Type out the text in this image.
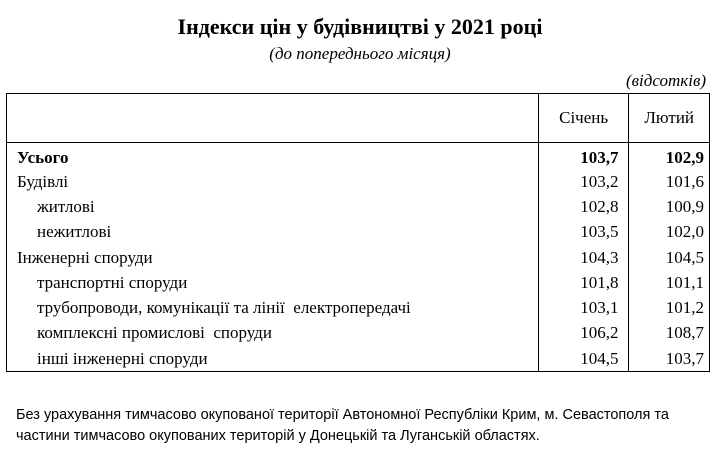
Індекси цін у будівництві у 2021 році
(до попереднього місяця)
(відсотків)
	Січень	Лютий
Усього	103,7	102,9
Будівлі	103,2	101,6
житлові	102,8	100,9
нежитлові	103,5	102,0
Інженерні споруди	104,3	104,5
транспортні споруди	101,8	101,1
трубопроводи, комунікації та лінії  електропередачі	103,1	101,2
комплексні промислові  споруди	106,2	108,7
інші інженерні споруди	104,5	103,7
Без урахування тимчасово окупованої території Автономної Республіки Крим, м. Севастополя та частини тимчасово окупованих територій у Донецькій та Луганській областях.
